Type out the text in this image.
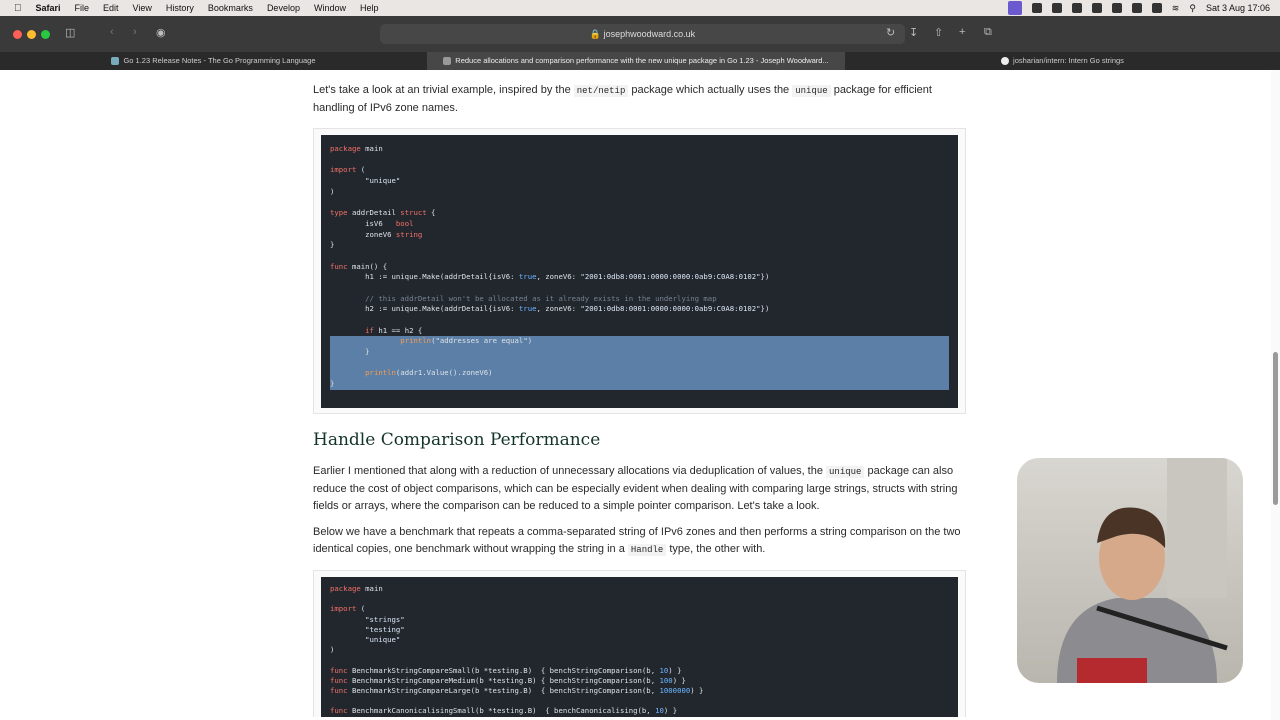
Safari File Edit View History Bookmarks Develop Window Help	≋ ⚲ Sat 3 Aug 17:06
◫	‹ › ◉	🔒 josephwoodward.co.uk	↻ ↧ ⇧ + ⧉
Go 1.23 Release Notes - The Go Programming Language	Reduce allocations and comparison performance with the new unique package in Go 1.23 - Joseph Woodward...	josharian/intern: Intern Go strings

Let's take a look at an trivial example, inspired by the net/netip package which actually uses the unique package for efficient handling of IPv6 zone names.

package main

import (
"unique"
)

type addrDetail struct {
isV6   bool
zoneV6 string
}

func main() {
h1 := unique.Make(addrDetail{isV6: true, zoneV6: "2001:0db8:0001:0000:0000:0ab9:C0A8:0102"})

// this addrDetail won't be allocated as it already exists in the underlying map
h2 := unique.Make(addrDetail{isV6: true, zoneV6: "2001:0db8:0001:0000:0000:0ab9:C0A8:0102"})

if h1 == h2 {
println("addresses are equal")
}

println(addr1.Value().zoneV6)
}
Handle Comparison Performance

Earlier I mentioned that along with a reduction of unnecessary allocations via deduplication of values, the unique package can also reduce the cost of object comparisons, which can be especially evident when dealing with comparing large strings, structs with string fields or arrays, where the comparison can be reduced to a simple pointer comparison. Let's take a look.

Below we have a benchmark that repeats a comma-separated string of IPv6 zones and then performs a string comparison on the two identical copies, one benchmark without wrapping the string in a Handle type, the other with.

package main

import (
"strings"
"testing"
"unique"
)

func BenchmarkStringCompareSmall(b *testing.B)  { benchStringComparison(b, 10) }
func BenchmarkStringCompareMedium(b *testing.B) { benchStringComparison(b, 100) }
func BenchmarkStringCompareLarge(b *testing.B)  { benchStringComparison(b, 1000000) }

func BenchmarkCanonicalisingSmall(b *testing.B)  { benchCanonicalising(b, 10) }
